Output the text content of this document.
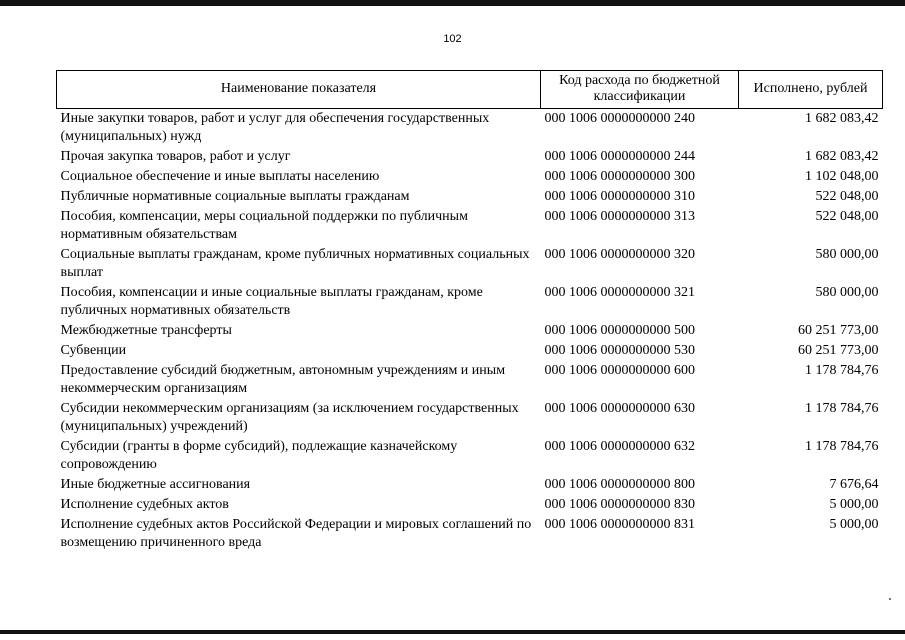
102
Наименование показателя	Код расхода по бюджетной классификации	Исполнено, рублей
Иные закупки товаров, работ и услуг для обеспечения государственных (муниципальных) нужд	000 1006 0000000000 240	1 682 083,42
Прочая закупка товаров, работ и услуг	000 1006 0000000000 244	1 682 083,42
Социальное обеспечение и иные выплаты населению	000 1006 0000000000 300	1 102 048,00
Публичные нормативные социальные выплаты гражданам	000 1006 0000000000 310	522 048,00
Пособия, компенсации, меры социальной поддержки по публичным нормативным обязательствам	000 1006 0000000000 313	522 048,00
Социальные выплаты гражданам, кроме публичных нормативных социальных выплат	000 1006 0000000000 320	580 000,00
Пособия, компенсации и иные социальные выплаты гражданам, кроме публичных нормативных обязательств	000 1006 0000000000 321	580 000,00
Межбюджетные трансферты	000 1006 0000000000 500	60 251 773,00
Субвенции	000 1006 0000000000 530	60 251 773,00
Предоставление субсидий бюджетным, автономным учреждениям и иным некоммерческим организациям	000 1006 0000000000 600	1 178 784,76
Субсидии некоммерческим организациям (за исключением государственных (муниципальных) учреждений)	000 1006 0000000000 630	1 178 784,76
Субсидии (гранты в форме субсидий), подлежащие казначейскому сопровождению	000 1006 0000000000 632	1 178 784,76
Иные бюджетные ассигнования	000 1006 0000000000 800	7 676,64
Исполнение судебных актов	000 1006 0000000000 830	5 000,00
Исполнение судебных актов Российской Федерации и мировых соглашений по возмещению причиненного вреда	000 1006 0000000000 831	5 000,00
